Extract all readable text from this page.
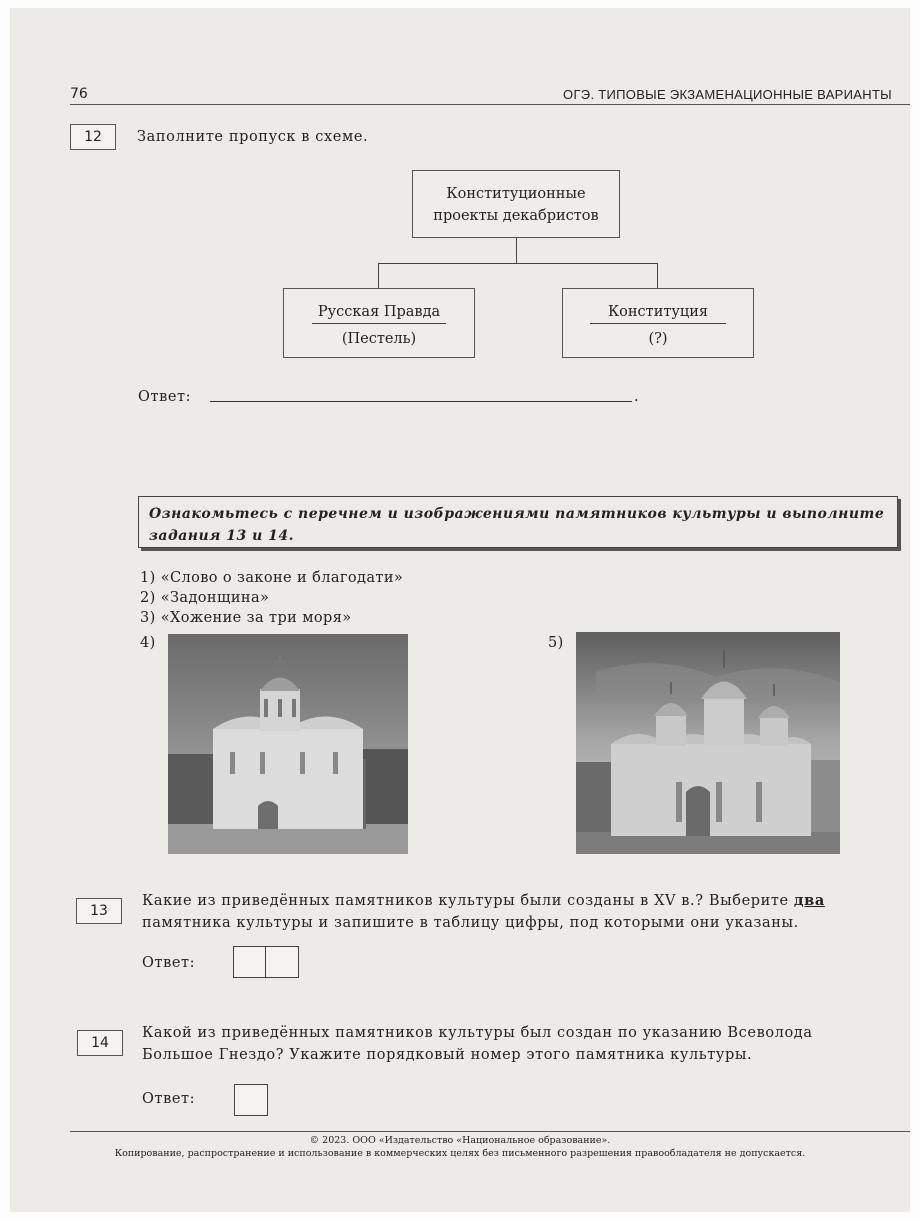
76	ОГЭ. ТИПОВЫЕ ЭКЗАМЕНАЦИОННЫЕ ВАРИАНТЫ
12	Заполните пропуск в схеме.
Конституционные
проекты декабристов
Русская Правда
(Пестель)
Конституция
(?)
Ответ:	.
Ознакомьтесь с перечнем и изображениями памятников культуры и выполните
задания 13 и 14.
1) «Слово о законе и благодати»
2) «Задонщина»
3) «Хожение за три моря»
4)	5)
13
Какие из приведённых памятников культуры были созданы в XV в.? Выберите два
памятника культуры и запишите в таблицу цифры, под которыми они указаны.
Ответ:
14
Какой из приведённых памятников культуры был создан по указанию Всеволода
Большое Гнездо? Укажите порядковый номер этого памятника культуры.
Ответ:
© 2023. ООО «Издательство «Национальное образование».
Копирование, распространение и использование в коммерческих целях без письменного разрешения правообладателя не допускается.
